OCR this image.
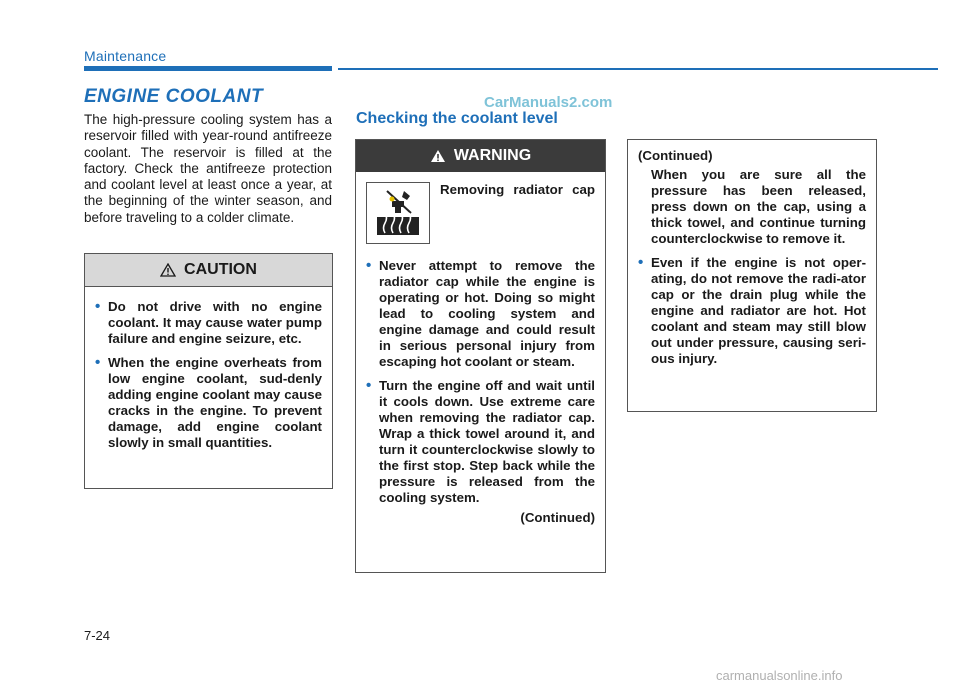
Maintenance
ENGINE COOLANT	CarManuals2.com
The high-pressure cooling system has a reservoir filled with year-round antifreeze coolant. The reservoir is filled at the factory. Check the antifreeze protection and coolant level at least once a year, at the beginning of the winter season, and before traveling to a colder climate.
Checking the coolant level
CAUTION
• Do not drive with no engine coolant. It may cause water pump failure and engine seizure, etc.
• When the engine overheats from low engine coolant, sud-denly adding engine coolant may cause cracks in the engine. To prevent damage, add engine coolant slowly in small quantities.
WARNING
Removing radiator cap
• Never attempt to remove the radiator cap while the engine is operating or hot. Doing so might lead to cooling system and engine damage and could result in serious personal injury from escaping hot coolant or steam.
• Turn the engine off and wait until it cools down. Use extreme care when removing the radiator cap. Wrap a thick towel around it, and turn it counterclockwise slowly to the first stop. Step back while the pressure is released from the cooling system.
(Continued)
(Continued)
When you are sure all the pressure has been released, press down on the cap, using a thick towel, and continue turning counterclockwise to remove it.
• Even if the engine is not oper-ating, do not remove the radi-ator cap or the drain plug while the engine and radiator are hot. Hot coolant and steam may still blow out under pressure, causing seri-ous injury.
7-24
carmanualsonline.info
